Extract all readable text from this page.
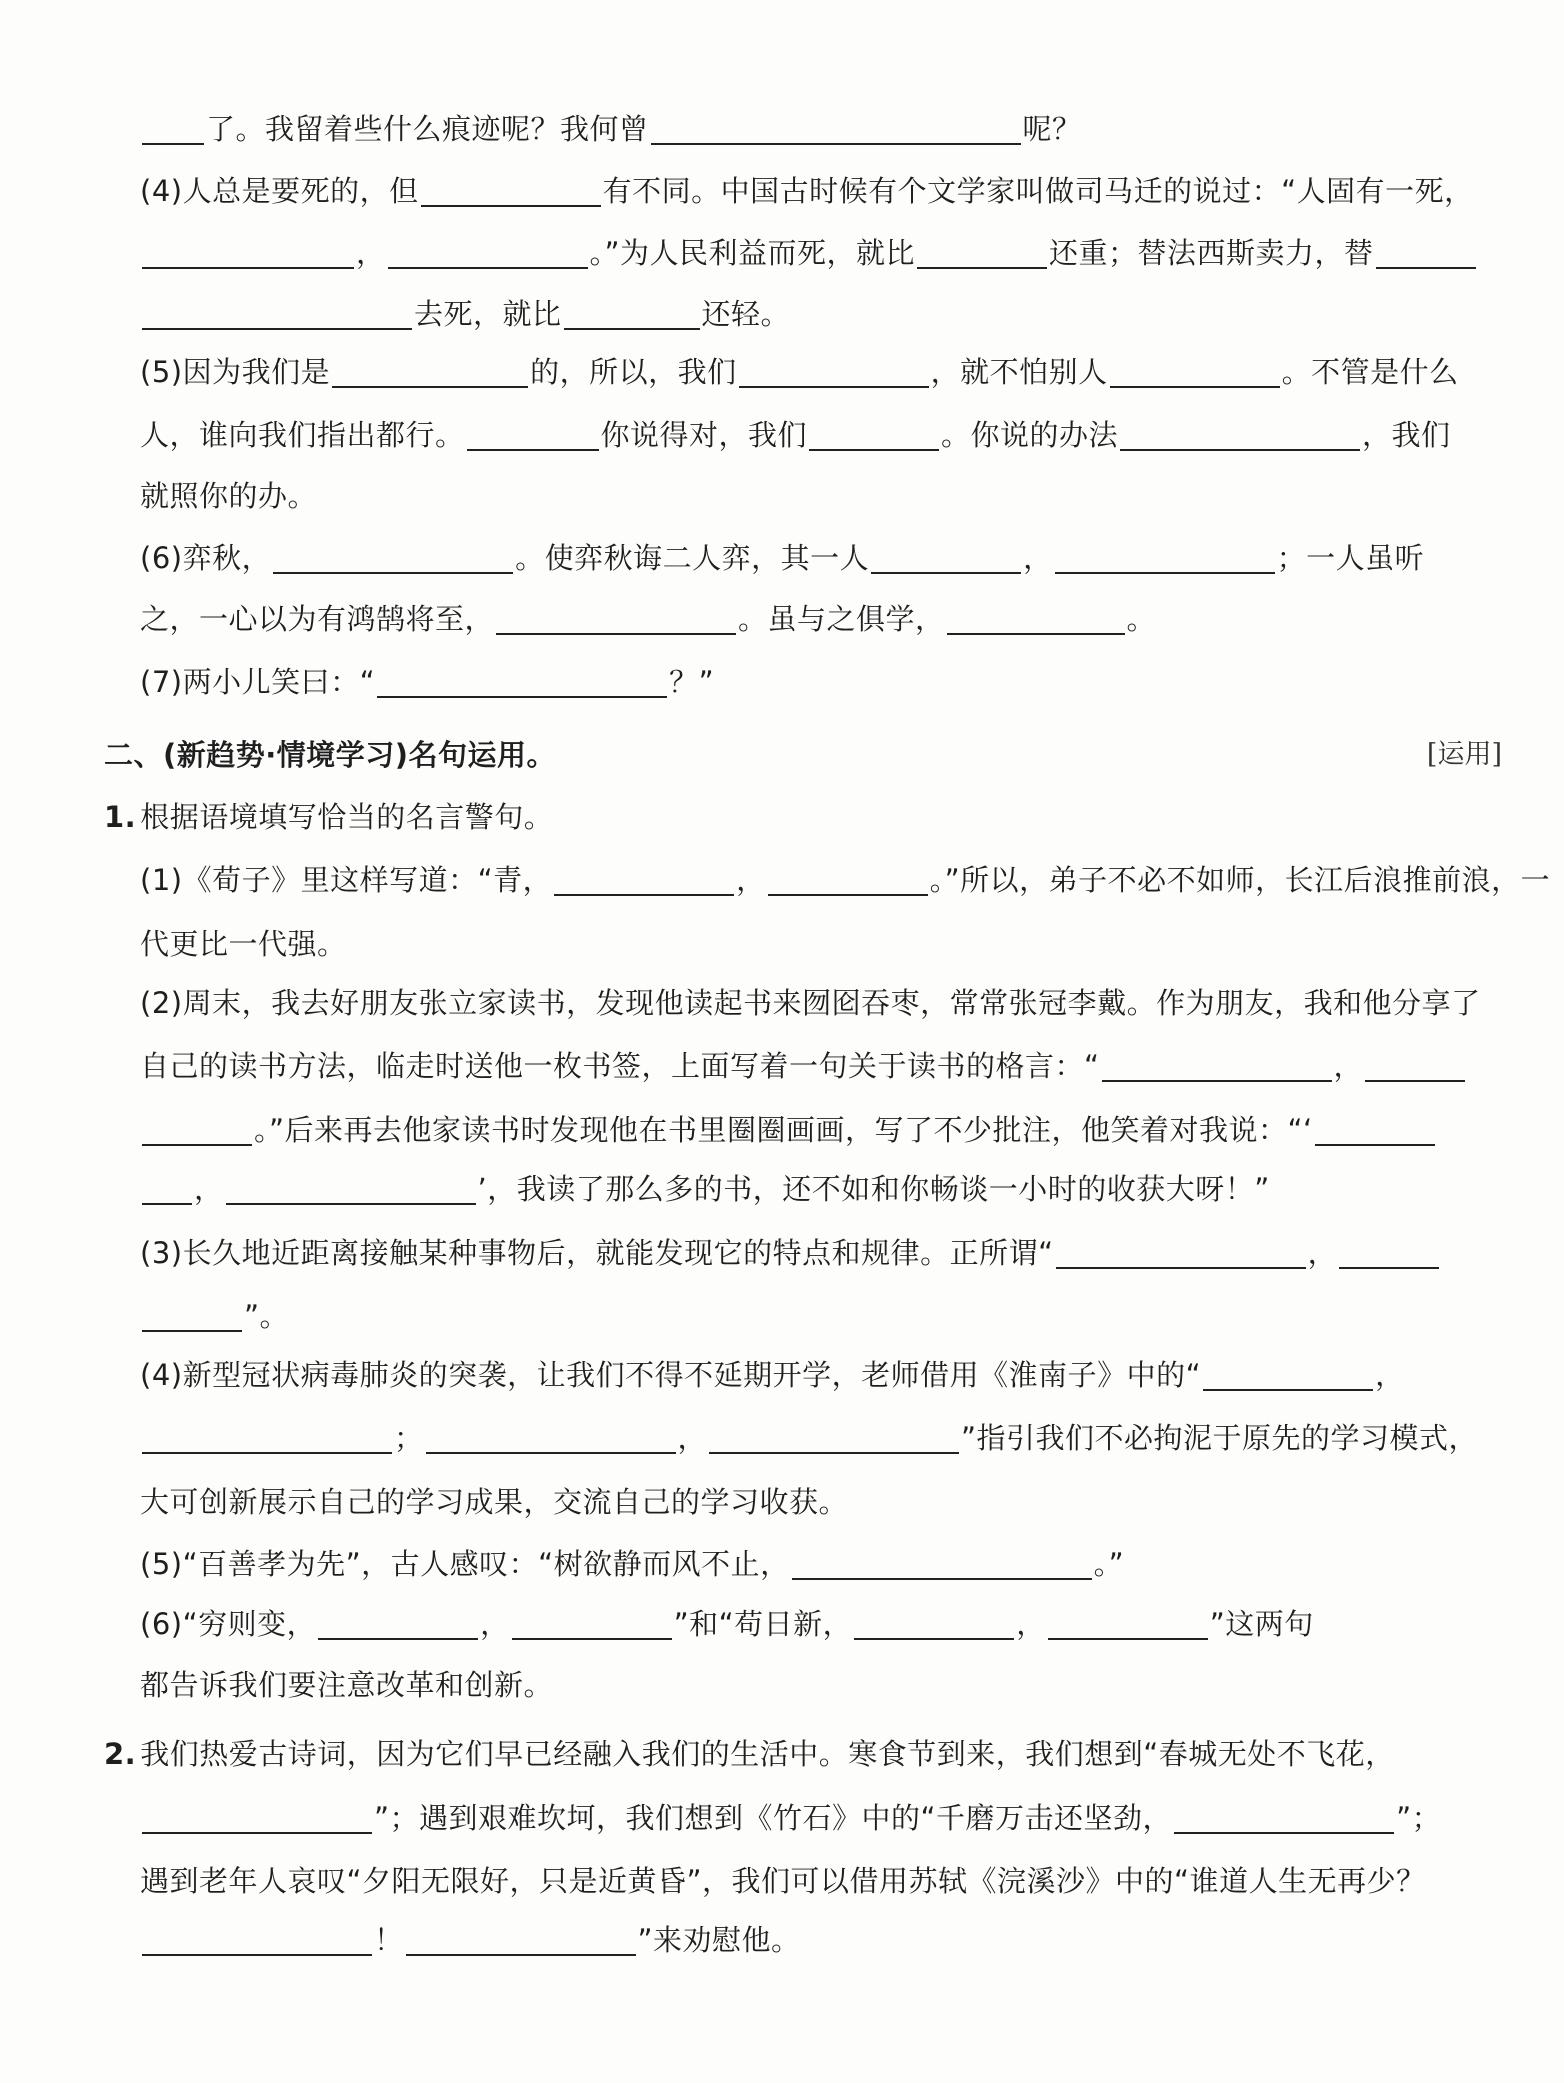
了。我留着些什么痕迹呢？我何曾	呢？
(4)人总是要死的，但	有不同。中国古时候有个文学家叫做司马迁的说过：“人固有一死，
，	。”为人民利益而死，就比	还重；替法西斯卖力，替
去死，就比	还轻。
(5)因为我们是	的，所以，我们	，就不怕别人	。不管是什么
人，谁向我们指出都行。	你说得对，我们	。你说的办法	，我们
就照你的办。
(6)弈秋，	。使弈秋诲二人弈，其一人	，	；一人虽听
之，一心以为有鸿鹄将至，	。虽与之俱学，	。
(7)两小儿笑曰：“	？”
二、(新趋势·情境学习)名句运用。	[运用]
1. 根据语境填写恰当的名言警句。
(1)《荀子》里这样写道：“青，	，	。”所以，弟子不必不如师，长江后浪推前浪，一
代更比一代强。
(2)周末，我去好朋友张立家读书，发现他读起书来囫囵吞枣，常常张冠李戴。作为朋友，我和他分享了
自己的读书方法，临走时送他一枚书签，上面写着一句关于读书的格言：“	，
。”后来再去他家读书时发现他在书里圈圈画画，写了不少批注，他笑着对我说：“‘
，	’，我读了那么多的书，还不如和你畅谈一小时的收获大呀！”
(3)长久地近距离接触某种事物后，就能发现它的特点和规律。正所谓“	，
”。
(4)新型冠状病毒肺炎的突袭，让我们不得不延期开学，老师借用《淮南子》中的“	，
；	，	”指引我们不必拘泥于原先的学习模式，
大可创新展示自己的学习成果，交流自己的学习收获。
(5)“百善孝为先”，古人感叹：“树欲静而风不止，	。”
(6)“穷则变，	，	”和“苟日新，	，	”这两句
都告诉我们要注意改革和创新。
2. 我们热爱古诗词，因为它们早已经融入我们的生活中。寒食节到来，我们想到“春城无处不飞花，
”；遇到艰难坎坷，我们想到《竹石》中的“千磨万击还坚劲，	”；
遇到老年人哀叹“夕阳无限好，只是近黄昏”，我们可以借用苏轼《浣溪沙》中的“谁道人生无再少？
！	”来劝慰他。
